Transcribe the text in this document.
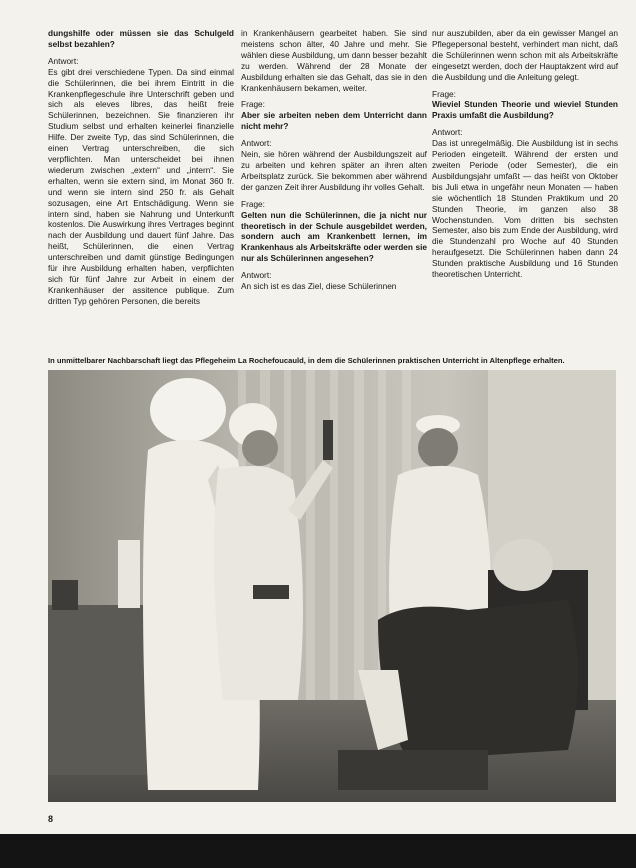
dungshilfe oder müssen sie das Schulgeld selbst bezahlen?

Antwort:

Es gibt drei verschiedene Typen. Da sind einmal die Schülerinnen, die bei ihrem Eintritt in die Krankenpflegeschule ihre Unterschrift geben und sich als eleves libres, das heißt freie Schülerinnen, bezeichnen. Sie finanzieren ihr Studium selbst und erhalten keinerlei finanzielle Hilfe. Der zweite Typ, das sind Schülerinnen, die einen Vertrag unterschreiben, die sich verpflichten. Man unterscheidet bei ihnen wiederum zwischen „extern“ und „intern“. Sie erhalten, wenn sie extern sind, im Monat 360 fr. und wenn sie intern sind 250 fr. als Gehalt sozusagen, eine Art Entschädigung. Wenn sie intern sind, haben sie Nahrung und Unterkunft kostenlos. Die Auswirkung ihres Vertrages beginnt nach der Ausbildung und dauert fünf Jahre. Das heißt, Schülerinnen, die einen Vertrag unterschreiben und damit günstige Bedingungen für ihre Ausbildung erhalten haben, verpflichten sich für fünf Jahre zur Arbeit in einem der Krankenhäuser der assitence publique. Zum dritten Typ gehören Personen, die bereits

in Krankenhäusern gearbeitet haben. Sie sind meistens schon älter, 40 Jahre und mehr. Sie wählen diese Ausbildung, um dann besser bezahlt zu werden. Während der 28 Monate der Ausbildung erhalten sie das Gehalt, das sie in den Krankenhäusern bekamen, weiter.

Frage:

Aber sie arbeiten neben dem Unterricht dann nicht mehr?

Antwort:

Nein, sie hören während der Ausbildungszeit auf zu arbeiten und kehren später an ihren alten Arbeitsplatz zurück. Sie bekommen aber während der ganzen Zeit ihrer Ausbildung ihr volles Gehalt.

Frage:

Gelten nun die Schülerinnen, die ja nicht nur theoretisch in der Schule ausgebildet werden, sondern auch am Krankenbett lernen, im Krankenhaus als Arbeitskräfte oder werden sie nur als Schülerinnen angesehen?

Antwort:

An sich ist es das Ziel, diese Schülerinnen

nur auszubilden, aber da ein gewisser Mangel an Pflegepersonal besteht, verhindert man nicht, daß die Schülerinnen wenn schon mit als Arbeitskräfte eingesetzt werden, doch der Hauptakzent wird auf die Ausbildung und die Anleitung gelegt.

Frage:

Wieviel Stunden Theorie und wieviel Stunden Praxis umfaßt die Ausbildung?

Antwort:

Das ist unregelmäßig. Die Ausbildung ist in sechs Perioden eingeteilt. Während der ersten und zweiten Periode (oder Semester), die ein Ausbildungsjahr umfaßt — das heißt von Oktober bis Juli etwa in ungefähr neun Monaten — haben sie wöchentlich 18 Stunden Praktikum und 20 Stunden Theorie, im ganzen also 38 Wochenstunden. Vom dritten bis sechsten Semester, also bis zum Ende der Ausbildung, wird die Stundenzahl pro Woche auf 40 Stunden heraufgesetzt. Die Schülerinnen haben dann 24 Stunden praktische Ausbildung und 16 Stunden theoretischen Unterricht.

In unmittelbarer Nachbarschaft liegt das Pflegeheim La Rochefoucauld, in dem die Schülerinnen praktischen Unterricht in Altenpflege erhalten.
8
